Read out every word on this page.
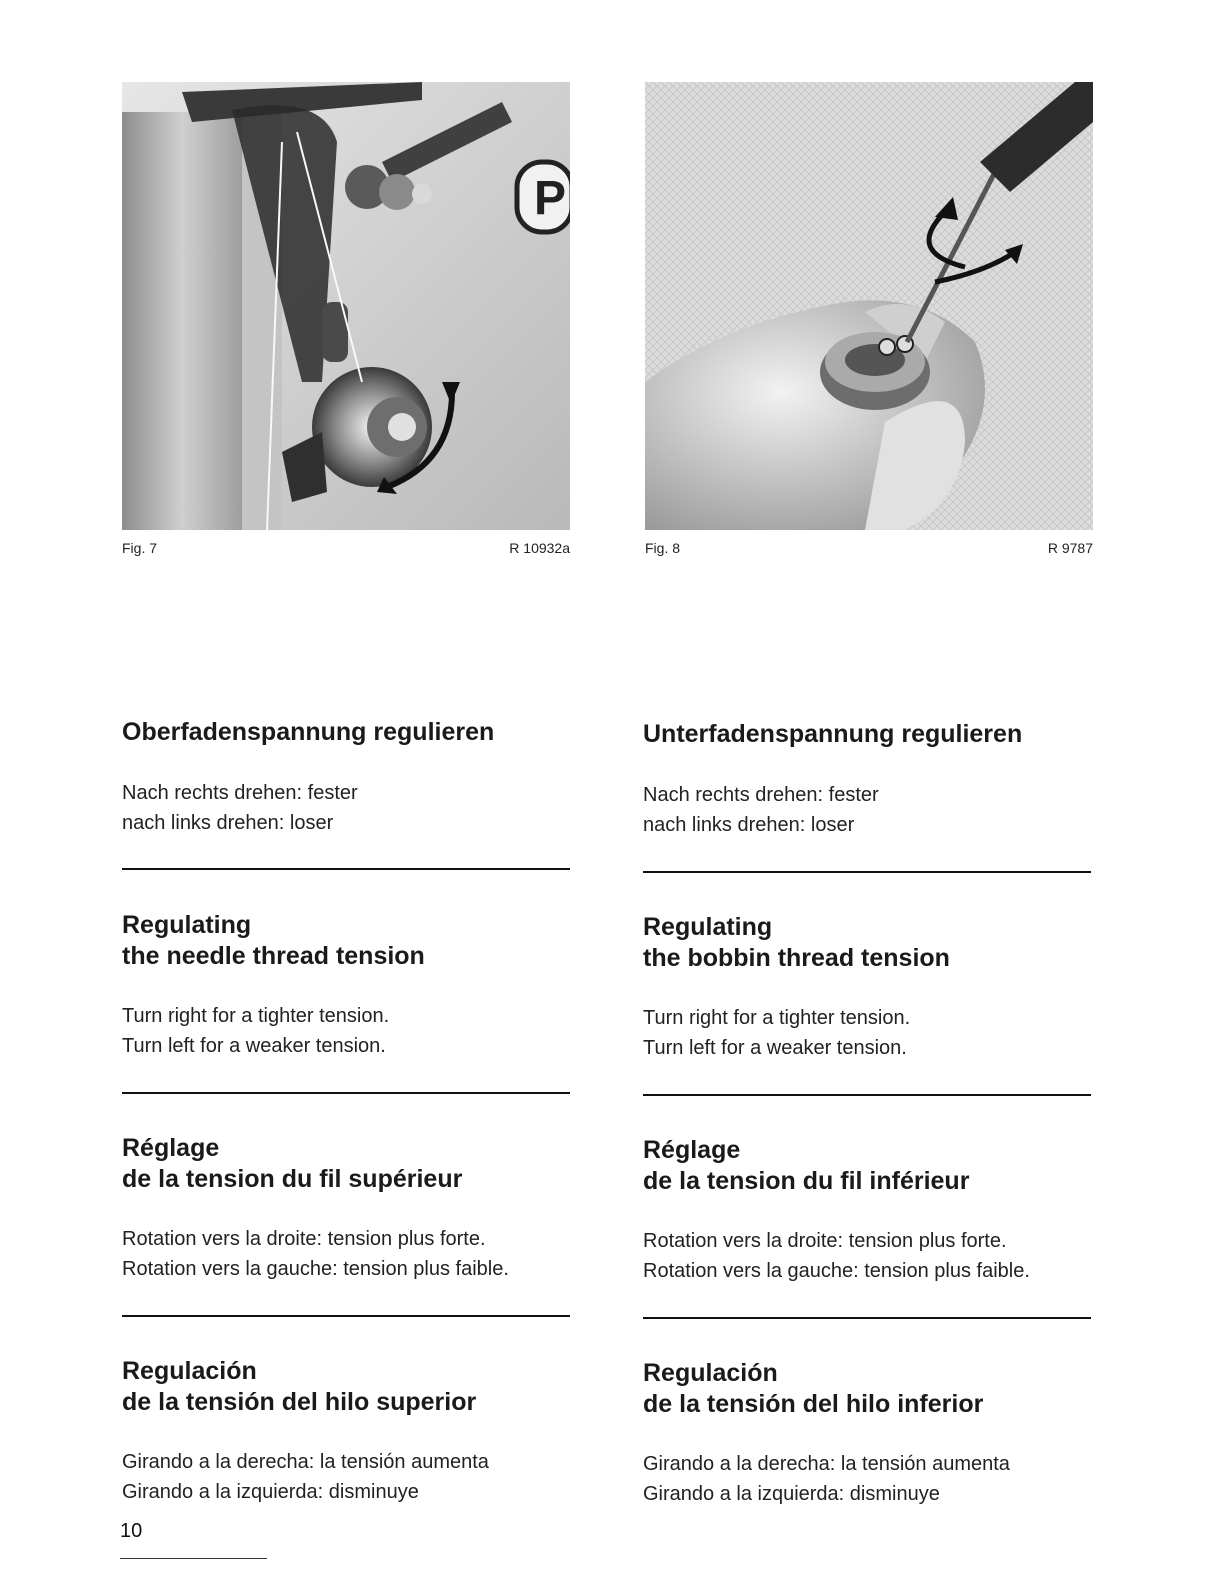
P
Fig. 7	R 10932a	Fig. 8	R 9787
Oberfadenspannung regulieren
Nach rechts drehen: fester
nach links drehen: loser
Regulating
the needle thread tension
Turn right for a tighter tension.
Turn left for a weaker tension.
Réglage
de la tension du fil supérieur
Rotation vers la droite: tension plus forte.
Rotation vers la gauche: tension plus faible.
Regulación
de la tensión del hilo superior
Girando a la derecha: la tensión aumenta
Girando a la izquierda: disminuye
Unterfadenspannung regulieren
Nach rechts drehen: fester
nach links drehen: loser
Regulating
the bobbin thread tension
Turn right for a tighter tension.
Turn left for a weaker tension.
Réglage
de la tension du fil inférieur
Rotation vers la droite: tension plus forte.
Rotation vers la gauche: tension plus faible.
Regulación
de la tensión del hilo inferior
Girando a la derecha: la tensión aumenta
Girando a la izquierda: disminuye
10
